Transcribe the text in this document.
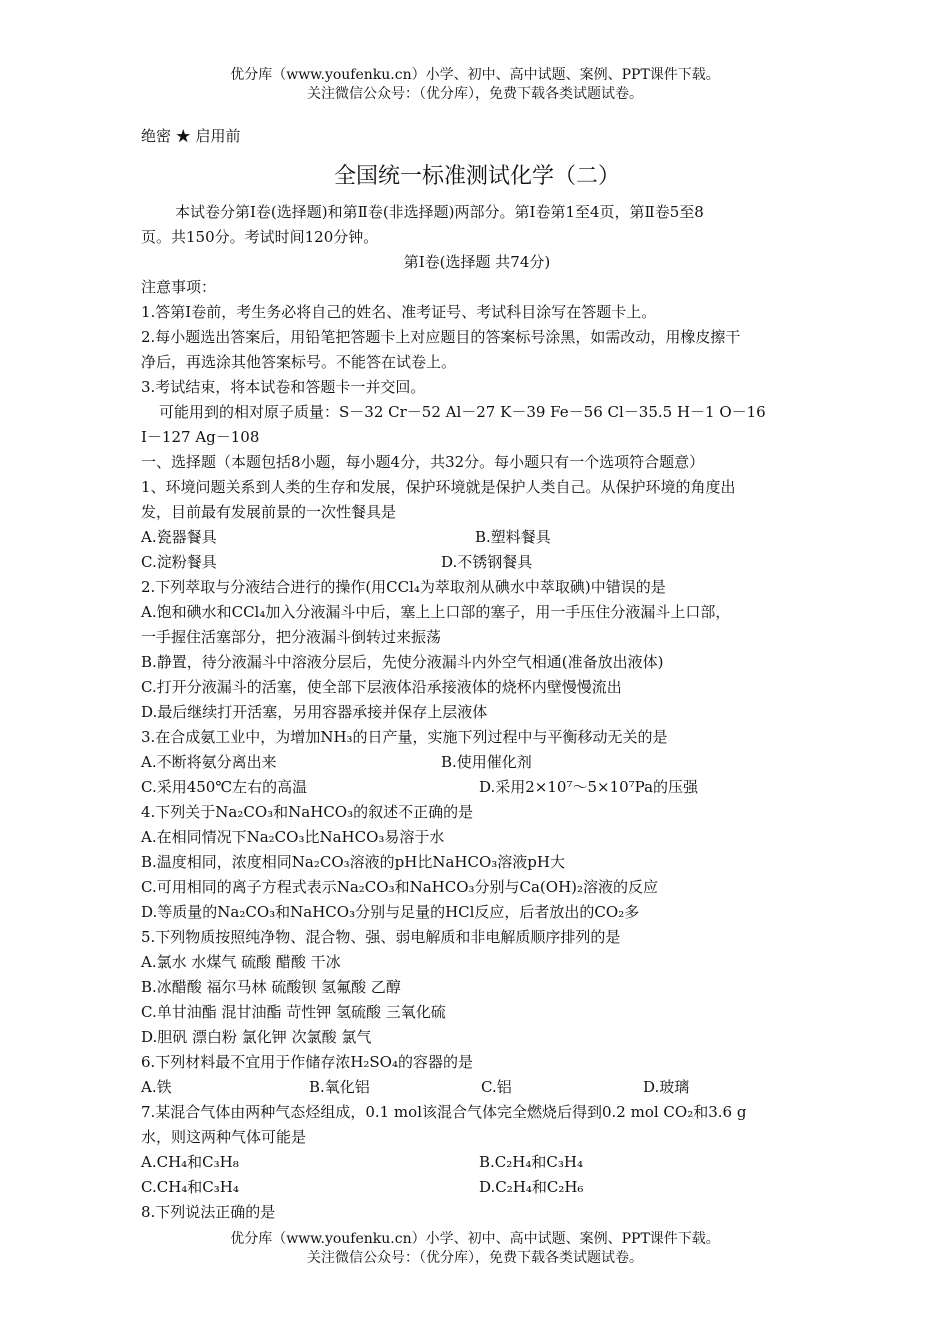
优分库（www.youfenku.cn）小学、初中、高中试题、案例、PPT课件下载。
关注微信公众号：（优分库），免费下载各类试题试卷。
绝密 ★ 启用前
全国统一标准测试化学（二）
本试卷分第Ⅰ卷(选择题)和第Ⅱ卷(非选择题)两部分。第Ⅰ卷第1至4页，第Ⅱ卷5至8
页。共150分。考试时间120分钟。
第Ⅰ卷(选择题 共74分)
注意事项：
1.答第Ⅰ卷前，考生务必将自己的姓名、准考证号、考试科目涂写在答题卡上。
2.每小题选出答案后，用铅笔把答题卡上对应题目的答案标号涂黑，如需改动，用橡皮擦干
净后，再选涂其他答案标号。不能答在试卷上。
3.考试结束，将本试卷和答题卡一并交回。
可能用到的相对原子质量：S－32 Cr－52 Al－27 K－39 Fe－56 Cl－35.5 H－1 O－16
I－127 Ag－108
一、选择题（本题包括8小题，每小题4分，共32分。每小题只有一个选项符合题意）
1、环境问题关系到人类的生存和发展，保护环境就是保护人类自己。从保护环境的角度出
发，目前最有发展前景的一次性餐具是
A.瓷器餐具	B.塑料餐具
C.淀粉餐具	D.不锈钢餐具
2.下列萃取与分液结合进行的操作(用CCl₄为萃取剂从碘水中萃取碘)中错误的是
A.饱和碘水和CCl₄加入分液漏斗中后，塞上上口部的塞子，用一手压住分液漏斗上口部，
一手握住活塞部分，把分液漏斗倒转过来振荡
B.静置，待分液漏斗中溶液分层后，先使分液漏斗内外空气相通(准备放出液体)
C.打开分液漏斗的活塞，使全部下层液体沿承接液体的烧杯内壁慢慢流出
D.最后继续打开活塞，另用容器承接并保存上层液体
3.在合成氨工业中，为增加NH₃的日产量，实施下列过程中与平衡移动无关的是
A.不断将氨分离出来	B.使用催化剂
C.采用450℃左右的高温	D.采用2×10⁷～5×10⁷Pa的压强
4.下列关于Na₂CO₃和NaHCO₃的叙述不正确的是
A.在相同情况下Na₂CO₃比NaHCO₃易溶于水
B.温度相同，浓度相同Na₂CO₃溶液的pH比NaHCO₃溶液pH大
C.可用相同的离子方程式表示Na₂CO₃和NaHCO₃分别与Ca(OH)₂溶液的反应
D.等质量的Na₂CO₃和NaHCO₃分别与足量的HCl反应，后者放出的CO₂多
5.下列物质按照纯净物、混合物、强、弱电解质和非电解质顺序排列的是
A.氯水 水煤气 硫酸 醋酸 干冰
B.冰醋酸 福尔马林 硫酸钡 氢氟酸 乙醇
C.单甘油酯 混甘油酯 苛性钾 氢硫酸 三氧化硫
D.胆矾 漂白粉 氯化钾 次氯酸 氯气
6.下列材料最不宜用于作储存浓H₂SO₄的容器的是
A.铁	B.氧化铝	C.铝	D.玻璃
7.某混合气体由两种气态烃组成，0.1 mol该混合气体完全燃烧后得到0.2 mol CO₂和3.6 g
水，则这两种气体可能是
A.CH₄和C₃H₈	B.C₂H₄和C₃H₄
C.CH₄和C₃H₄	D.C₂H₄和C₂H₆
8.下列说法正确的是
优分库（www.youfenku.cn）小学、初中、高中试题、案例、PPT课件下载。
关注微信公众号：（优分库），免费下载各类试题试卷。
